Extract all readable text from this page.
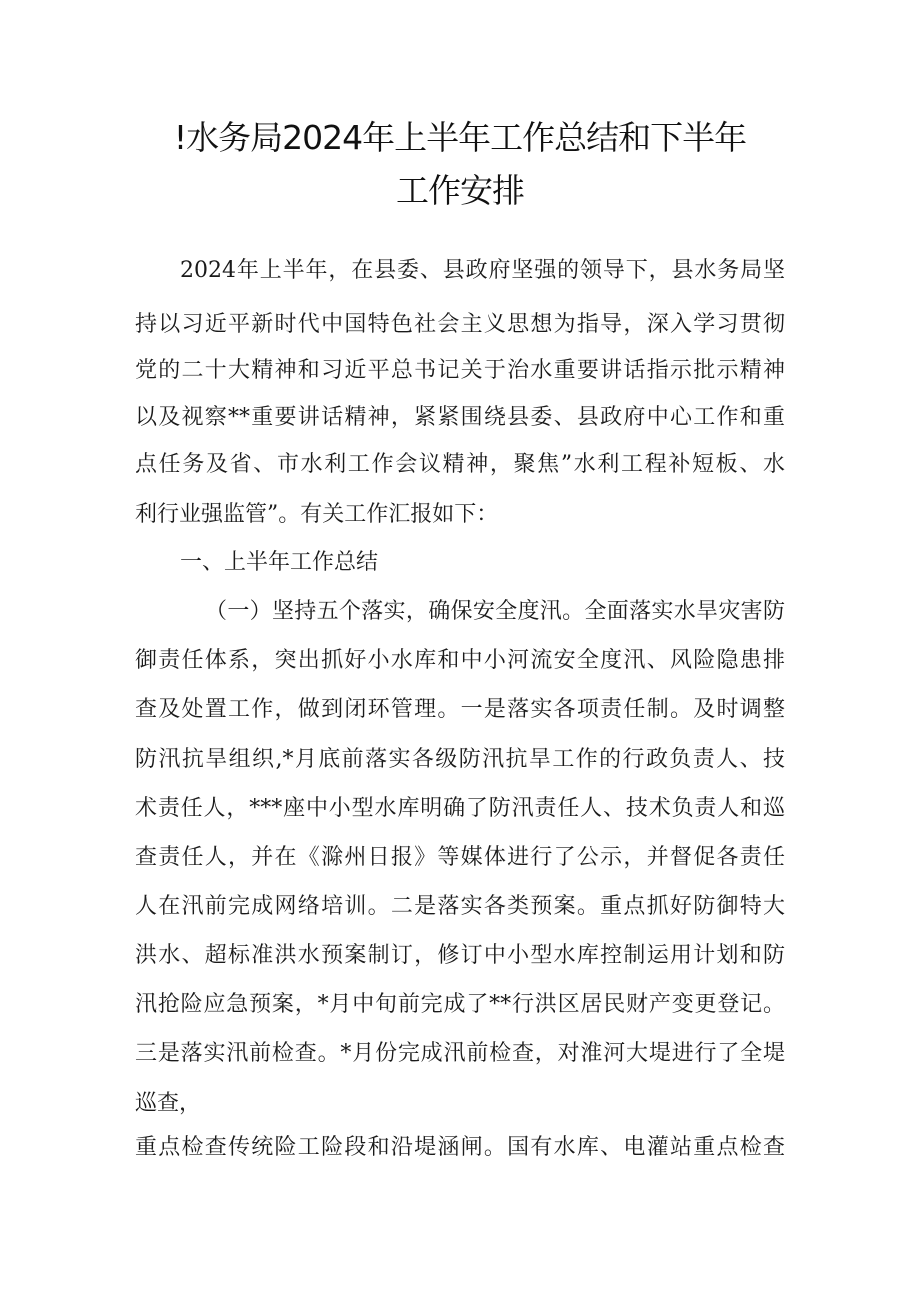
!水务局2024年上半年工作总结和下半年
工作安排
2024年上半年，在县委、县政府坚强的领导下，县水务局坚
持以习近平新时代中国特色社会主义思想为指导，深入学习贯彻
党的二十大精神和习近平总书记关于治水重要讲话指示批示精神
以及视察**重要讲话精神，紧紧围绕县委、县政府中心工作和重
点任务及省、市水利工作会议精神，聚焦”水利工程补短板、水
利行业强监管”。有关工作汇报如下：
一、上半年工作总结
（一）坚持五个落实，确保安全度汛。全面落实水旱灾害防
御责任体系，突出抓好小水库和中小河流安全度汛、风险隐患排
查及处置工作，做到闭环管理。一是落实各项责任制。及时调整
防汛抗旱组织,*月底前落实各级防汛抗旱工作的行政负责人、技
术责任人，***座中小型水库明确了防汛责任人、技术负责人和巡
查责任人，并在《滁州日报》等媒体进行了公示，并督促各责任
人在汛前完成网络培训。二是落实各类预案。重点抓好防御特大
洪水、超标准洪水预案制订，修订中小型水库控制运用计划和防
汛抢险应急预案，*月中旬前完成了**行洪区居民财产变更登记。
三是落实汛前检查。*月份完成汛前检查，对淮河大堤进行了全堤
巡查，
重点检查传统险工险段和沿堤涵闸。国有水库、电灌站重点检查
